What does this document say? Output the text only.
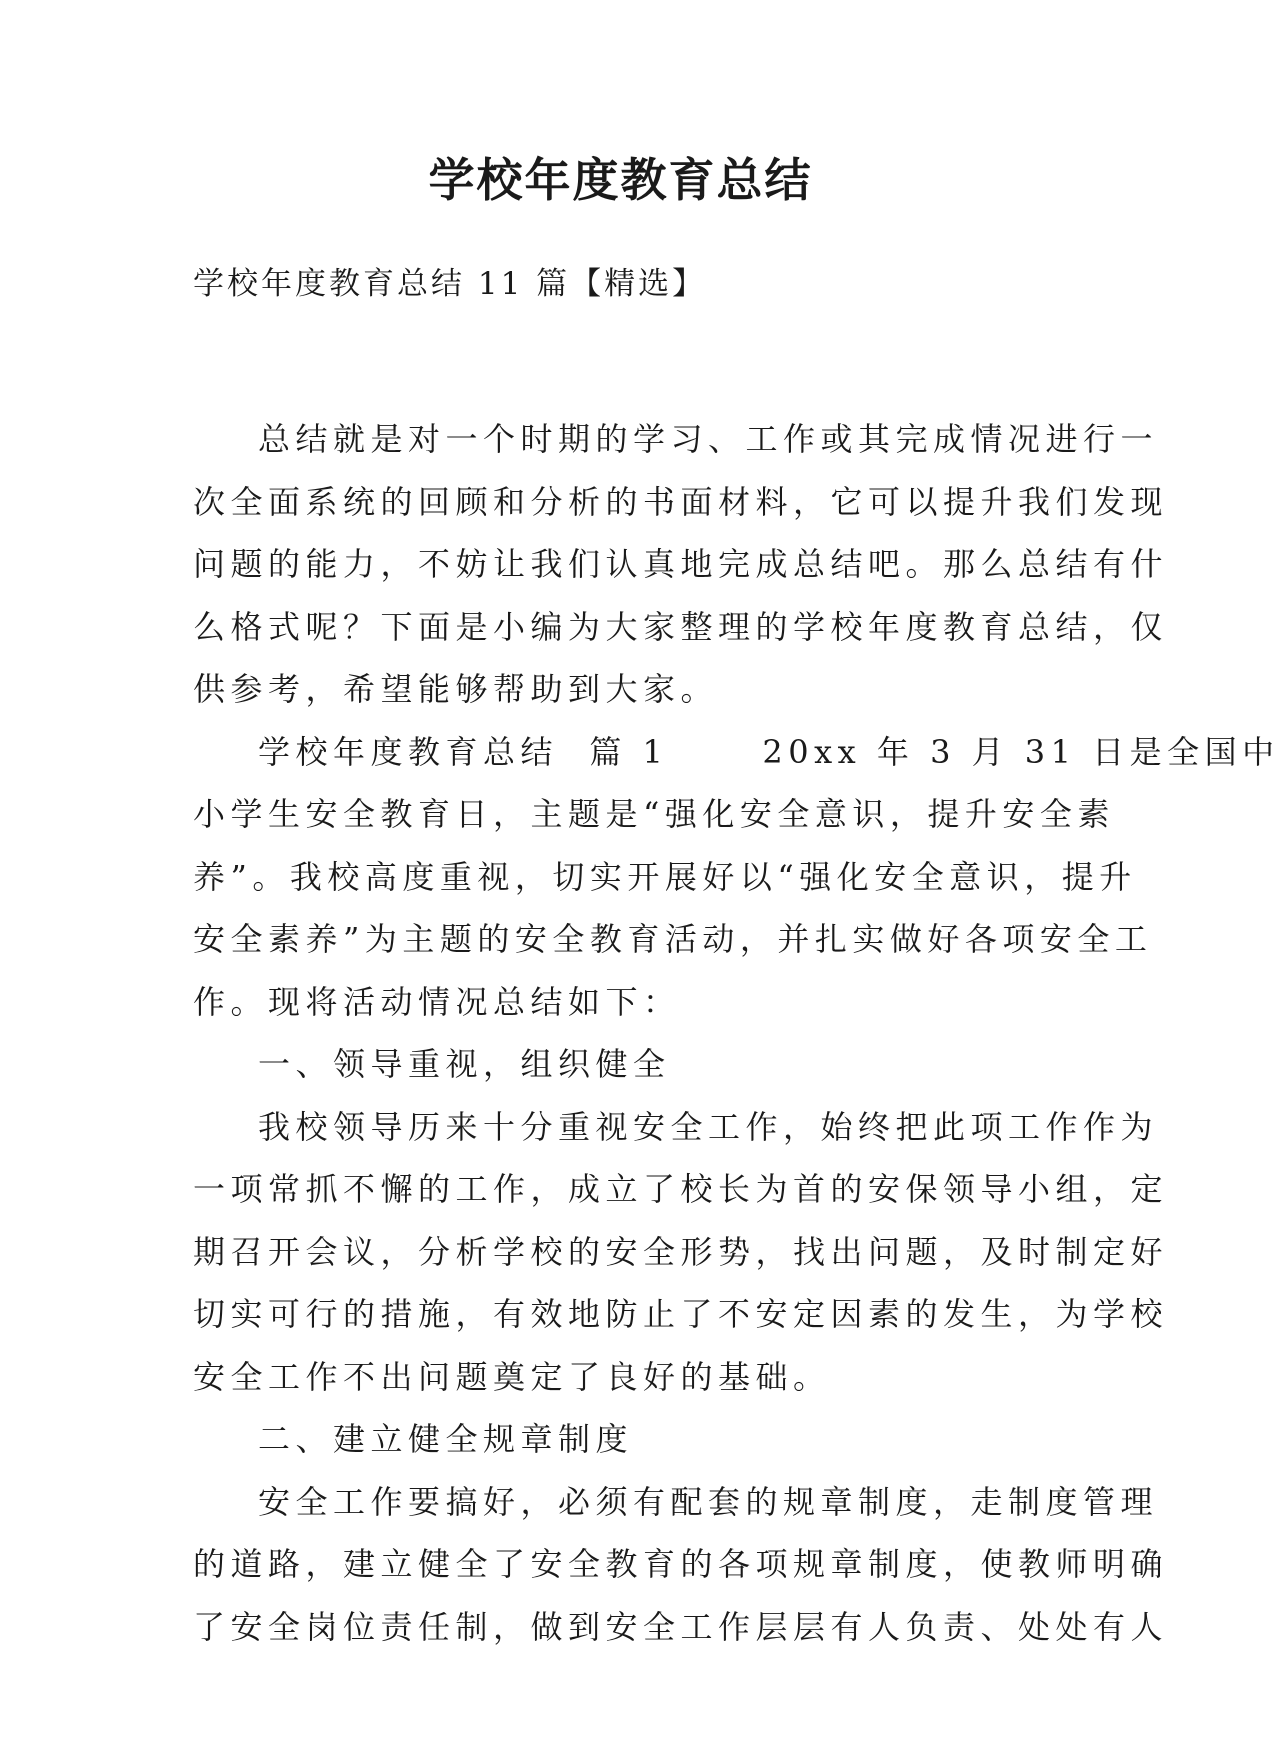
学校年度教育总结
学校年度教育总结 11 篇【精选】
总结就是对一个时期的学习、工作或其完成情况进行一
次全面系统的回顾和分析的书面材料，它可以提升我们发现
问题的能力，不妨让我们认真地完成总结吧。那么总结有什
么格式呢？下面是小编为大家整理的学校年度教育总结，仅
供参考，希望能够帮助到大家。
学校年度教育总结  篇 1      20xx 年 3 月 31 日是全国中
小学生安全教育日，主题是“强化安全意识，提升安全素
养”。我校高度重视，切实开展好以“强化安全意识，提升
安全素养”为主题的安全教育活动，并扎实做好各项安全工
作。现将活动情况总结如下：
一、领导重视，组织健全
我校领导历来十分重视安全工作，始终把此项工作作为
一项常抓不懈的工作，成立了校长为首的安保领导小组，定
期召开会议，分析学校的安全形势，找出问题，及时制定好
切实可行的措施，有效地防止了不安定因素的发生，为学校
安全工作不出问题奠定了良好的基础。
二、建立健全规章制度
安全工作要搞好，必须有配套的规章制度，走制度管理
的道路，建立健全了安全教育的各项规章制度，使教师明确
了安全岗位责任制，做到安全工作层层有人负责、处处有人
